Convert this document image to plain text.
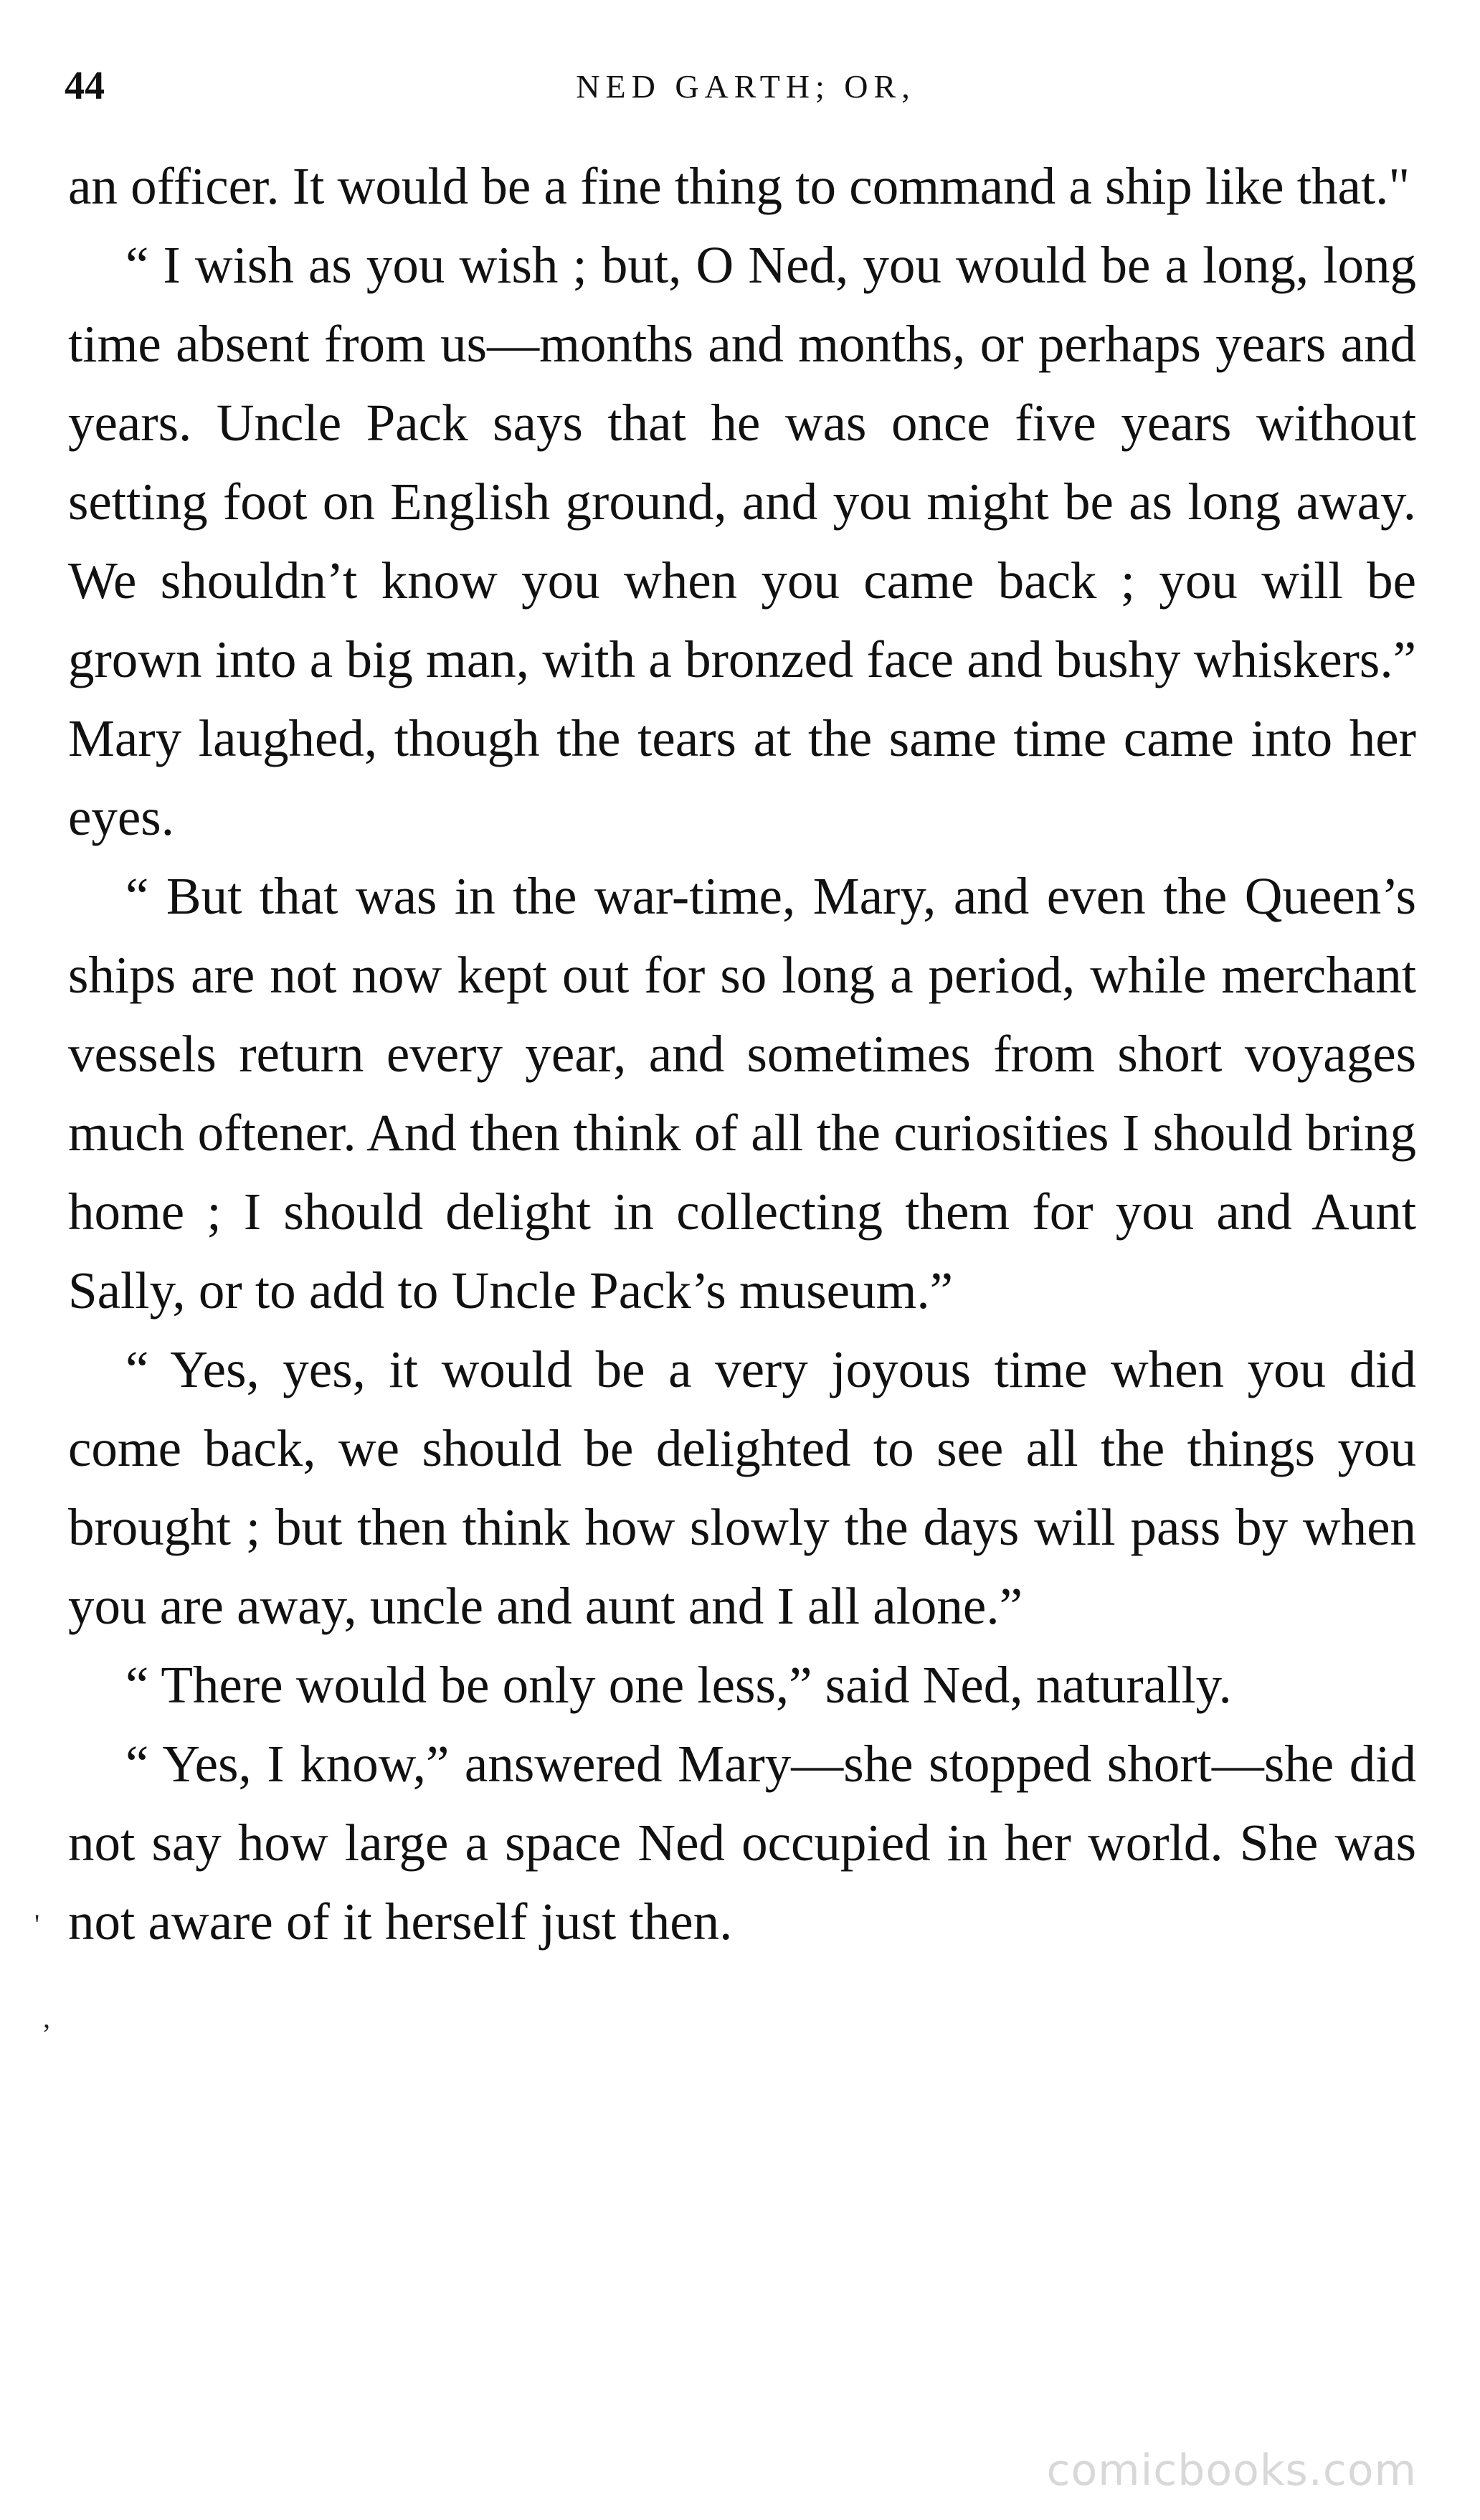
44	NED GARTH; OR,

an officer. It would be a fine thing to command a ship like that."

“ I wish as you wish ; but, O Ned, you would be a long, long time absent from us—months and months, or perhaps years and years. Uncle Pack says that he was once five years without setting foot on English ground, and you might be as long away. We shouldn’t know you when you came back ; you will be grown into a big man, with a bronzed face and bushy whiskers.” Mary laughed, though the tears at the same time came into her eyes.

“ But that was in the war-time, Mary, and even the Queen’s ships are not now kept out for so long a period, while merchant vessels return every year, and sometimes from short voyages much oftener. And then think of all the curiosities I should bring home ; I should delight in collecting them for you and Aunt Sally, or to add to Uncle Pack’s museum.”

“ Yes, yes, it would be a very joyous time when you did come back, we should be delighted to see all the things you brought ; but then think how slowly the days will pass by when you are away, uncle and aunt and I all alone.”

“ There would be only one less,” said Ned, naturally.

“ Yes, I know,” answered Mary—she stopped short—she did not say how large a space Ned occupied in her world. She was not aware of it herself just then.

'
,
comicbooks.com
